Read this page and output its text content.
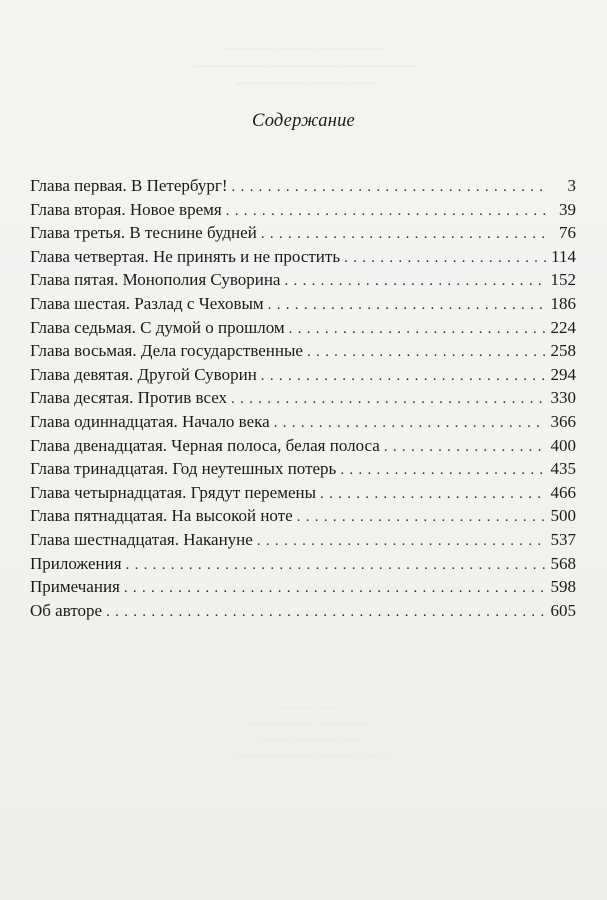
———— ——— ——————
—————— —————— ——————
—————— ——— ——
——— ——
—————— —————
——— ———— ——
——————— ———— ——
Содержание
Глава первая. В Петербург! .....	3
Глава вторая. Новое время .....	39
Глава третья. В теснине будней .....	76
Глава четвертая. Не принять и не простить .....	114
Глава пятая. Монополия Суворина .....	152
Глава шестая. Разлад с Чеховым .....	186
Глава седьмая. С думой о прошлом .....	224
Глава восьмая. Дела государственные .....	258
Глава девятая. Другой Суворин .....	294
Глава десятая. Против всех .....	330
Глава одиннадцатая. Начало века .....	366
Глава двенадцатая. Черная полоса, белая полоса .....	400
Глава тринадцатая. Год неутешных потерь .....	435
Глава четырнадцатая. Грядут перемены .....	466
Глава пятнадцатая. На высокой ноте .....	500
Глава шестнадцатая. Накануне .....	537
Приложения .....	568
Примечания .....	598
Об авторе .....	605
